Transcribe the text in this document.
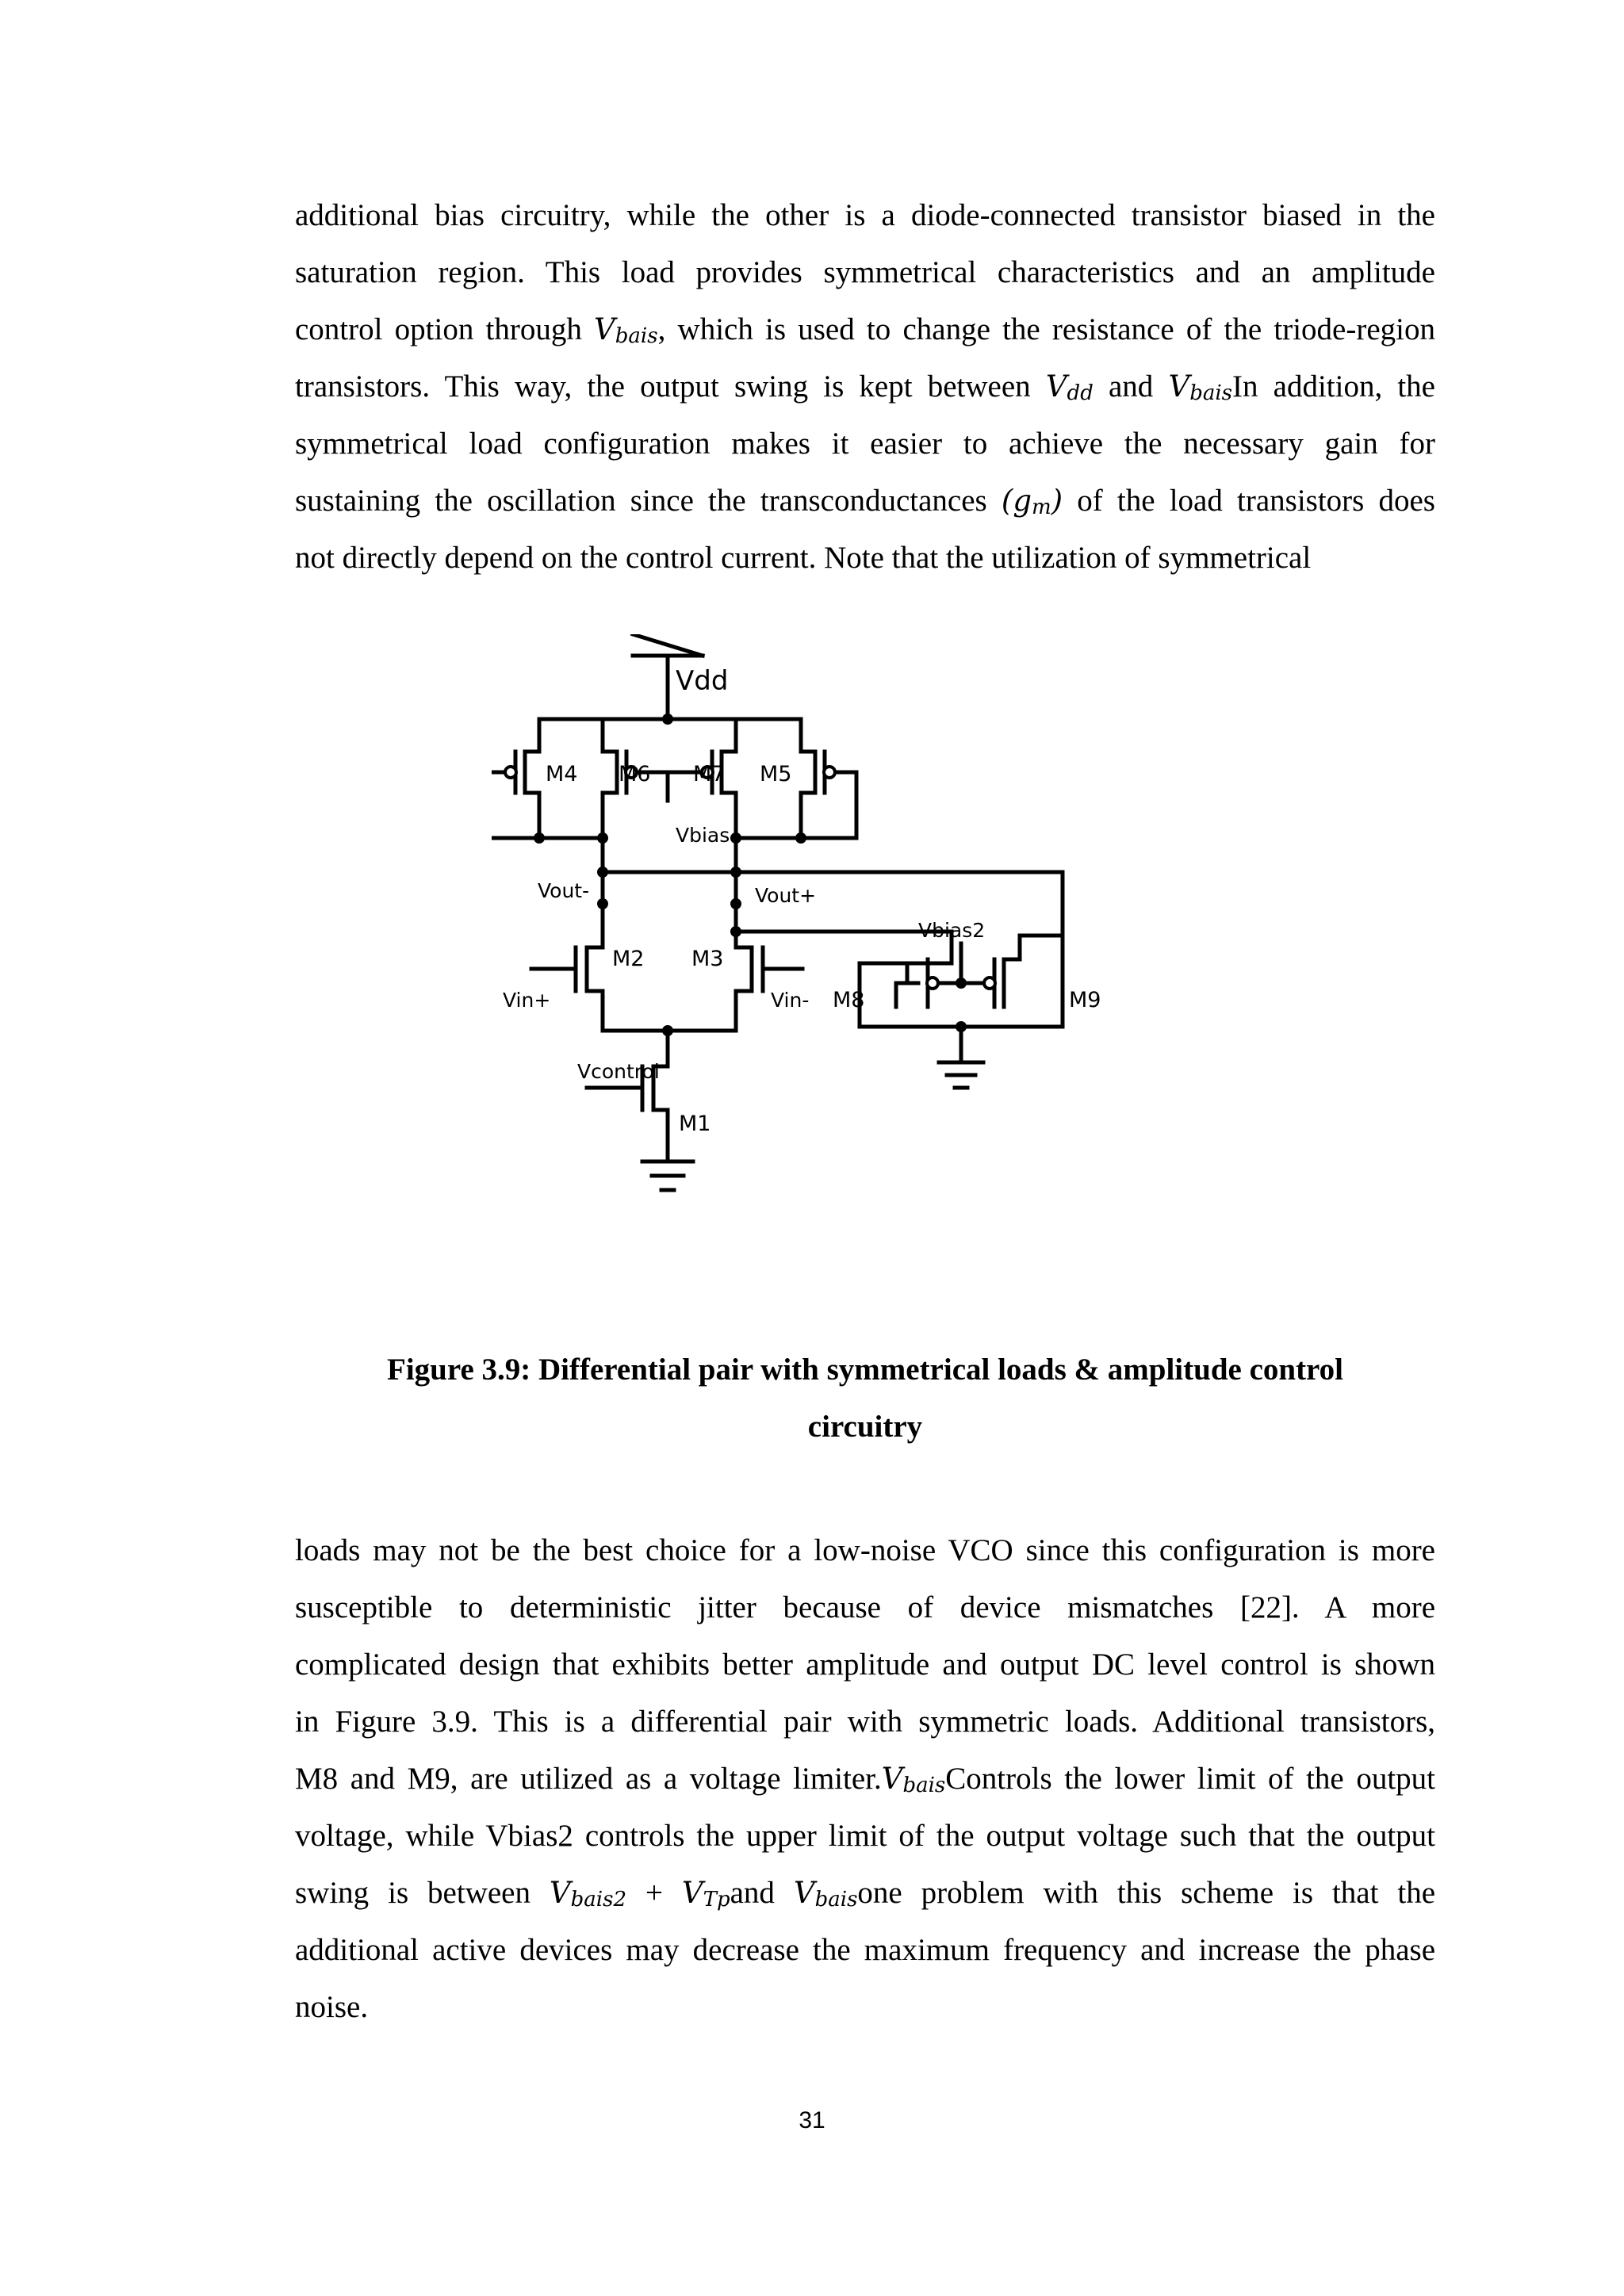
additional bias circuitry, while the other is a diode-connected transistor biased in the
saturation region. This load provides symmetrical characteristics and an amplitude
control option through $V_{bais}$, which is used to change the resistance of the triode-region
transistors. This way, the output swing is kept between $V_{dd}$ and $V_{bais}In$ addition, the
symmetrical load configuration makes it easier to achieve the necessary gain for
sustaining the oscillation since the transconductances $(g_m)$ of the load transistors does
not directly depend on the control current. Note that the utilization of symmetrical
Vdd
M4 M6
Vbias
M7 M5
Vout-	Vout+
Vbias2
M2 M3
Vin+	Vin- M8	M9
Vcontrol
M1
Figure 3.9: Differential pair with symmetrical loads & amplitude control
circuitry
loads may not be the best choice for a low-noise VCO since this configuration is more
susceptible to deterministic jitter because of device mismatches [22]. A more
complicated design that exhibits better amplitude and output DC level control is shown
in Figure 3.9. This is a differential pair with symmetric loads. Additional transistors,
M8 and M9, are utilized as a voltage $limiter.V_{bais}Controls$ the lower limit of the output
voltage, while Vbias2 controls the upper limit of the output voltage such that the output
swing is between $V_{bais2} + V_{Tp}and$ $V_{bais}one$ problem with this scheme is that the
additional active devices may decrease the maximum frequency and increase the phase
noise.
31
